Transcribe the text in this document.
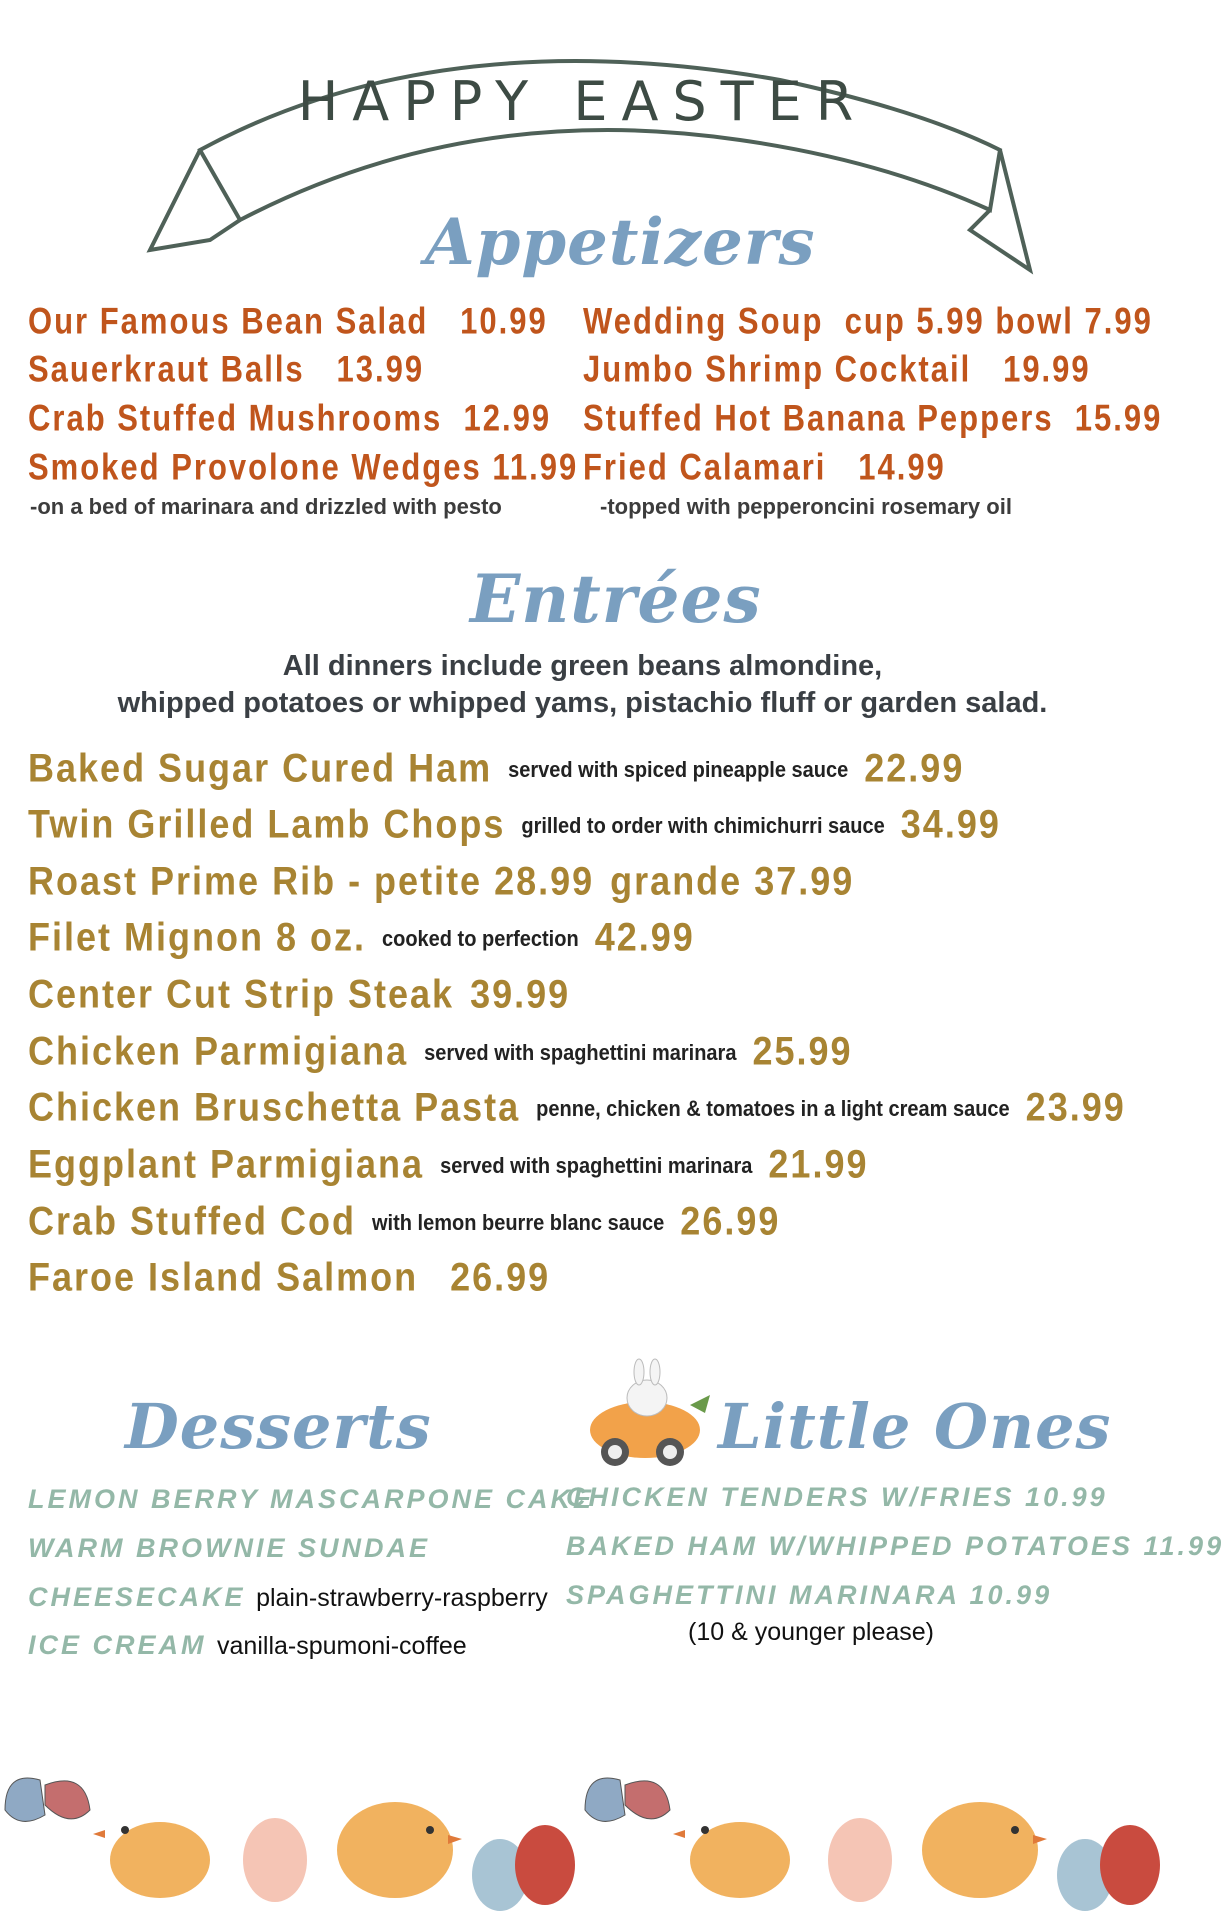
HAPPY EASTER
Appetizers
Our Famous Bean Salad 10.99
Sauerkraut Balls 13.99
Crab Stuffed Mushrooms 12.99
Smoked Provolone Wedges 11.99
-on a bed of marinara and drizzled with pesto
Wedding Soup cup 5.99 bowl 7.99
Jumbo Shrimp Cocktail 19.99
Stuffed Hot Banana Peppers 15.99
Fried Calamari 14.99
-topped with pepperoncini rosemary oil
Entrées
All dinners include green beans almondine,
whipped potatoes or whipped yams, pistachio fluff or garden salad.
Baked Sugar Cured Ham served with spiced pineapple sauce 22.99
Twin Grilled Lamb Chops grilled to order with chimichurri sauce 34.99
Roast Prime Rib - petite 28.99 grande 37.99
Filet Mignon 8 oz. cooked to perfection 42.99
Center Cut Strip Steak 39.99
Chicken Parmigiana served with spaghettini marinara 25.99
Chicken Bruschetta Pasta penne, chicken & tomatoes in a light cream sauce 23.99
Eggplant Parmigiana served with spaghettini marinara 21.99
Crab Stuffed Cod with lemon beurre blanc sauce 26.99
Faroe Island Salmon 26.99
Desserts
LEMON BERRY MASCARPONE CAKE
WARM BROWNIE SUNDAE
CHEESECAKE plain-strawberry-raspberry
ICE CREAM vanilla-spumoni-coffee
Little Ones
CHICKEN TENDERS W/FRIES 10.99
BAKED HAM W/WHIPPED POTATOES 11.99
SPAGHETTINI MARINARA 10.99
(10 & younger please)
